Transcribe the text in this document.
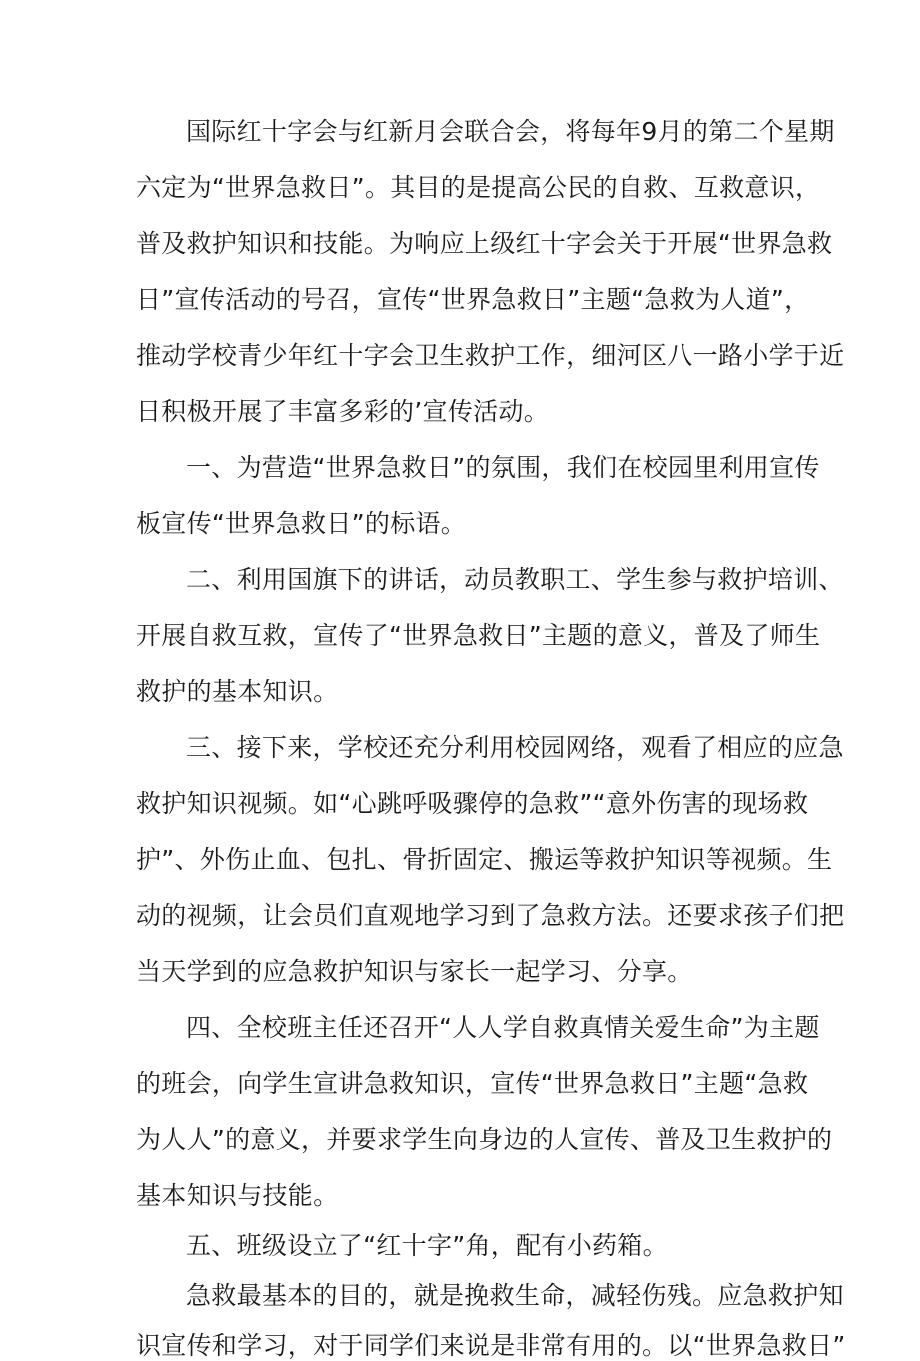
国际红十字会与红新月会联合会，将每年9月的第二个星期
六定为“世界急救日”。其目的是提高公民的自救、互救意识，
普及救护知识和技能。为响应上级红十字会关于开展“世界急救
日”宣传活动的号召，宣传“世界急救日”主题“急救为人道”，
推动学校青少年红十字会卫生救护工作，细河区八一路小学于近
日积极开展了丰富多彩的’宣传活动。
一、为营造“世界急救日”的氛围，我们在校园里利用宣传
板宣传“世界急救日”的标语。
二、利用国旗下的讲话，动员教职工、学生参与救护培训、
开展自救互救，宣传了“世界急救日”主题的意义，普及了师生
救护的基本知识。
三、接下来，学校还充分利用校园网络，观看了相应的应急
救护知识视频。如“心跳呼吸骤停的急救”“意外伤害的现场救
护”、外伤止血、包扎、骨折固定、搬运等救护知识等视频。生
动的视频，让会员们直观地学习到了急救方法。还要求孩子们把
当天学到的应急救护知识与家长一起学习、分享。
四、全校班主任还召开“人人学自救真情关爱生命”为主题
的班会，向学生宣讲急救知识，宣传“世界急救日”主题“急救
为人人”的意义，并要求学生向身边的人宣传、普及卫生救护的
基本知识与技能。
五、班级设立了“红十字”角，配有小药箱。
急救最基本的目的，就是挽救生命，减轻伤残。应急救护知
识宣传和学习，对于同学们来说是非常有用的。以“世界急救日”
